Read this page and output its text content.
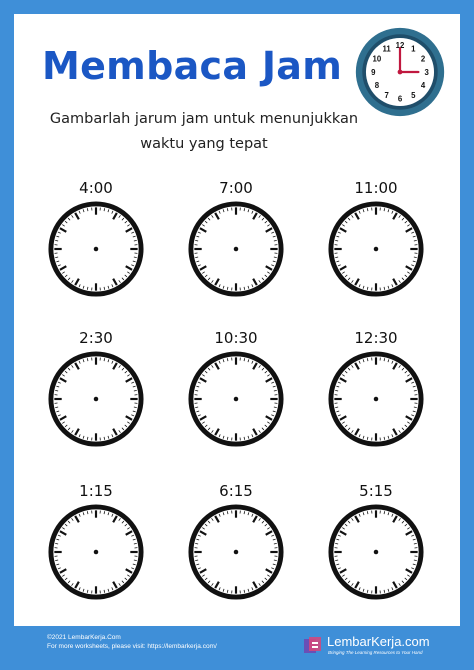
Membaca Jam	12 1
2
3
4
5
6
7
8
9
10
11
Gambarlah jarum jam untuk menunjukkan
waktu yang tepat
4:00	7:00	11:00
2:30	10:30	12:30
1:15	6:15	5:15
©2021 LembarKerja.Com
For more worksheets, please visit: https://lembarkerja.com/	LembarKerja.com
Bringing The Learning Resources to Your Hand
